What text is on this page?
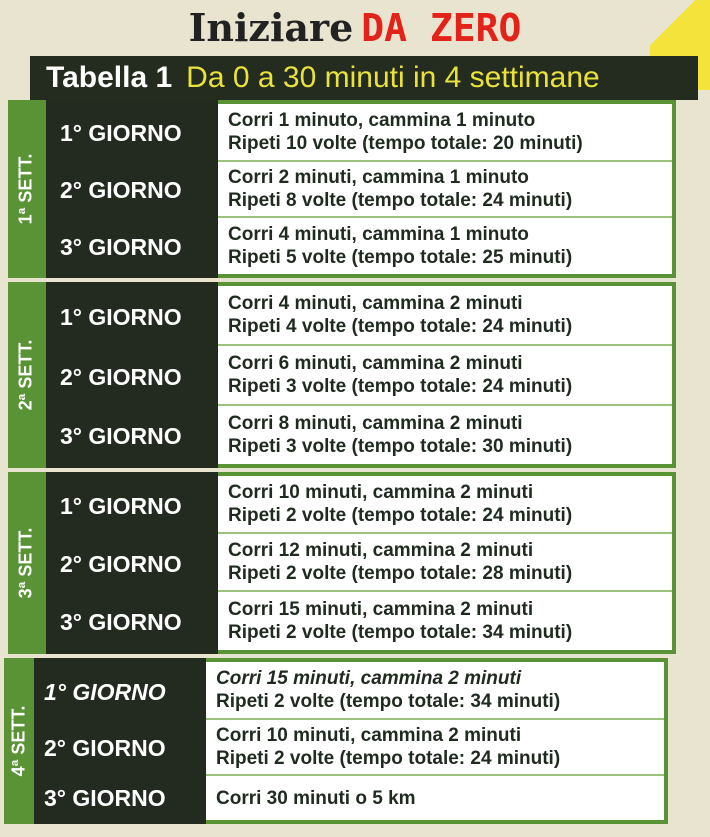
Iniziare DA ZERO
Tabella 1 Da 0 a 30 minuti in 4 settimane
1ª SETT.
1° GIORNO
2° GIORNO
3° GIORNO
Corri 1 minuto, cammina 1 minuto
Ripeti 10 volte (tempo totale: 20 minuti)
Corri 2 minuti, cammina 1 minuto
Ripeti 8 volte (tempo totale: 24 minuti)
Corri 4 minuti, cammina 1 minuto
Ripeti 5 volte (tempo totale: 25 minuti)
2ª SETT.
1° GIORNO
2° GIORNO
3° GIORNO
Corri 4 minuti, cammina 2 minuti
Ripeti 4 volte (tempo totale: 24 minuti)
Corri 6 minuti, cammina 2 minuti
Ripeti 3 volte (tempo totale: 24 minuti)
Corri 8 minuti, cammina 2 minuti
Ripeti 3 volte (tempo totale: 30 minuti)
3ª SETT.
1° GIORNO
2° GIORNO
3° GIORNO
Corri 10 minuti, cammina 2 minuti
Ripeti 2 volte (tempo totale: 24 minuti)
Corri 12 minuti, cammina 2 minuti
Ripeti 2 volte (tempo totale: 28 minuti)
Corri 15 minuti, cammina 2 minuti
Ripeti 2 volte (tempo totale: 34 minuti)
4ª SETT.
1° GIORNO
2° GIORNO
3° GIORNO
Corri 15 minuti, cammina 2 minuti
Ripeti 2 volte (tempo totale: 34 minuti)
Corri 10 minuti, cammina 2 minuti
Ripeti 2 volte (tempo totale: 24 minuti)
Corri 30 minuti o 5 km
